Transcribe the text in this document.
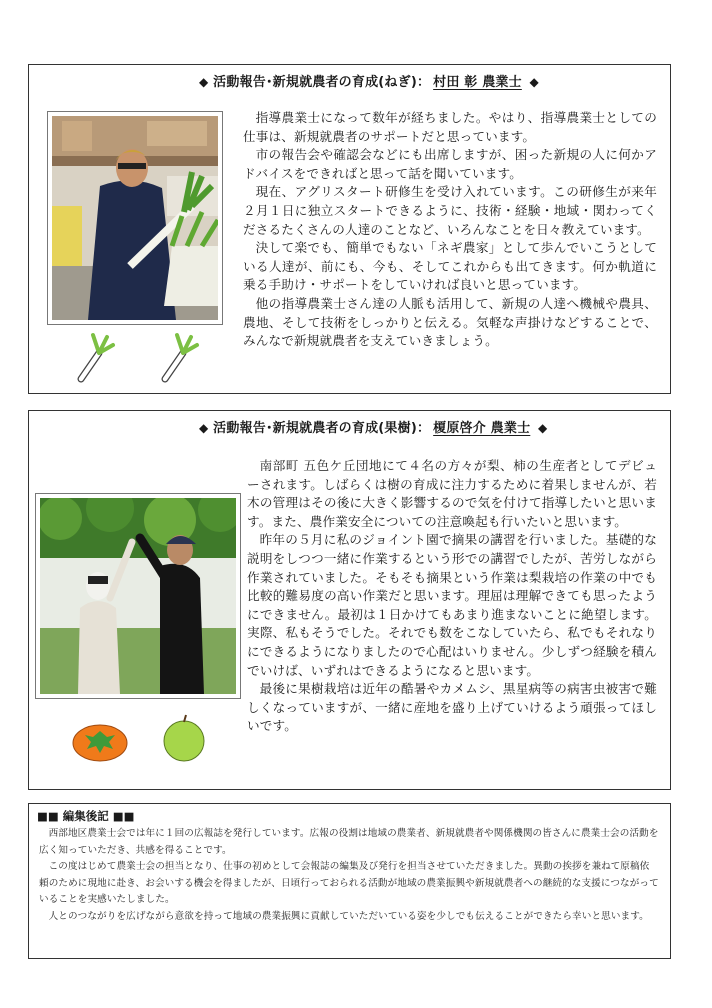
◆ 活動報告･新規就農者の育成(ねぎ)： 村田 彰 農業士 ◆

指導農業士になって数年が経ちました。やはり、指導農業士としての仕事は、新規就農者のサポートだと思っています。

市の報告会や確認会などにも出席しますが、困った新規の人に何かアドバイスをできればと思って話を聞いています。

現在、アグリスタート研修生を受け入れています。この研修生が来年２月１日に独立スタートできるように、技術・経験・地域・関わってくださるたくさんの人達のことなど、いろんなことを日々教えています。

決して楽でも、簡単でもない「ネギ農家」として歩んでいこうとしている人達が、前にも、今も、そしてこれからも出てきます。何か軌道に乗る手助け・サポートをしていければ良いと思っています。

他の指導農業士さん達の人脈も活用して、新規の人達へ機械や農具、農地、そして技術をしっかりと伝える。気軽な声掛けなどすることで、みんなで新規就農者を支えていきましょう。

◆ 活動報告･新規就農者の育成(果樹)： 榎原啓介 農業士 ◆

南部町 五色ケ丘団地にて４名の方々が梨、柿の生産者としてデビューされます。しばらくは樹の育成に注力するために着果しませんが、若木の管理はその後に大きく影響するので気を付けて指導したいと思います。また、農作業安全についての注意喚起も行いたいと思います。

昨年の５月に私のジョイント園で摘果の講習を行いました。基礎的な説明をしつつ一緒に作業するという形での講習でしたが、苦労しながら作業されていました。そもそも摘果という作業は梨栽培の作業の中でも比較的難易度の高い作業だと思います。理屈は理解できても思ったようにできません。最初は１日かけてもあまり進まないことに絶望します。実際、私もそうでした。それでも数をこなしていたら、私でもそれなりにできるようになりましたので心配はいりません。少しずつ経験を積んでいけば、いずれはできるようになると思います。

最後に果樹栽培は近年の酷暑やカメムシ、黒星病等の病害虫被害で難しくなっていますが、一緒に産地を盛り上げていけるよう頑張ってほしいです。

■■ 編集後記 ■■

西部地区農業士会では年に１回の広報誌を発行しています。広報の役割は地域の農業者、新規就農者や関係機関の皆さんに農業士会の活動を広く知っていただき、共感を得ることです。

この度はじめて農業士会の担当となり、仕事の初めとして会報誌の編集及び発行を担当させていただきました。異動の挨拶を兼ねて原稿依頼のために現地に赴き、お会いする機会を得ましたが、日頃行っておられる活動が地域の農業振興や新規就農者への継続的な支援につながっていることを実感いたしました。

人とのつながりを広げながら意欲を持って地域の農業振興に貢献していただいている姿を少しでも伝えることができたら幸いと思います。
